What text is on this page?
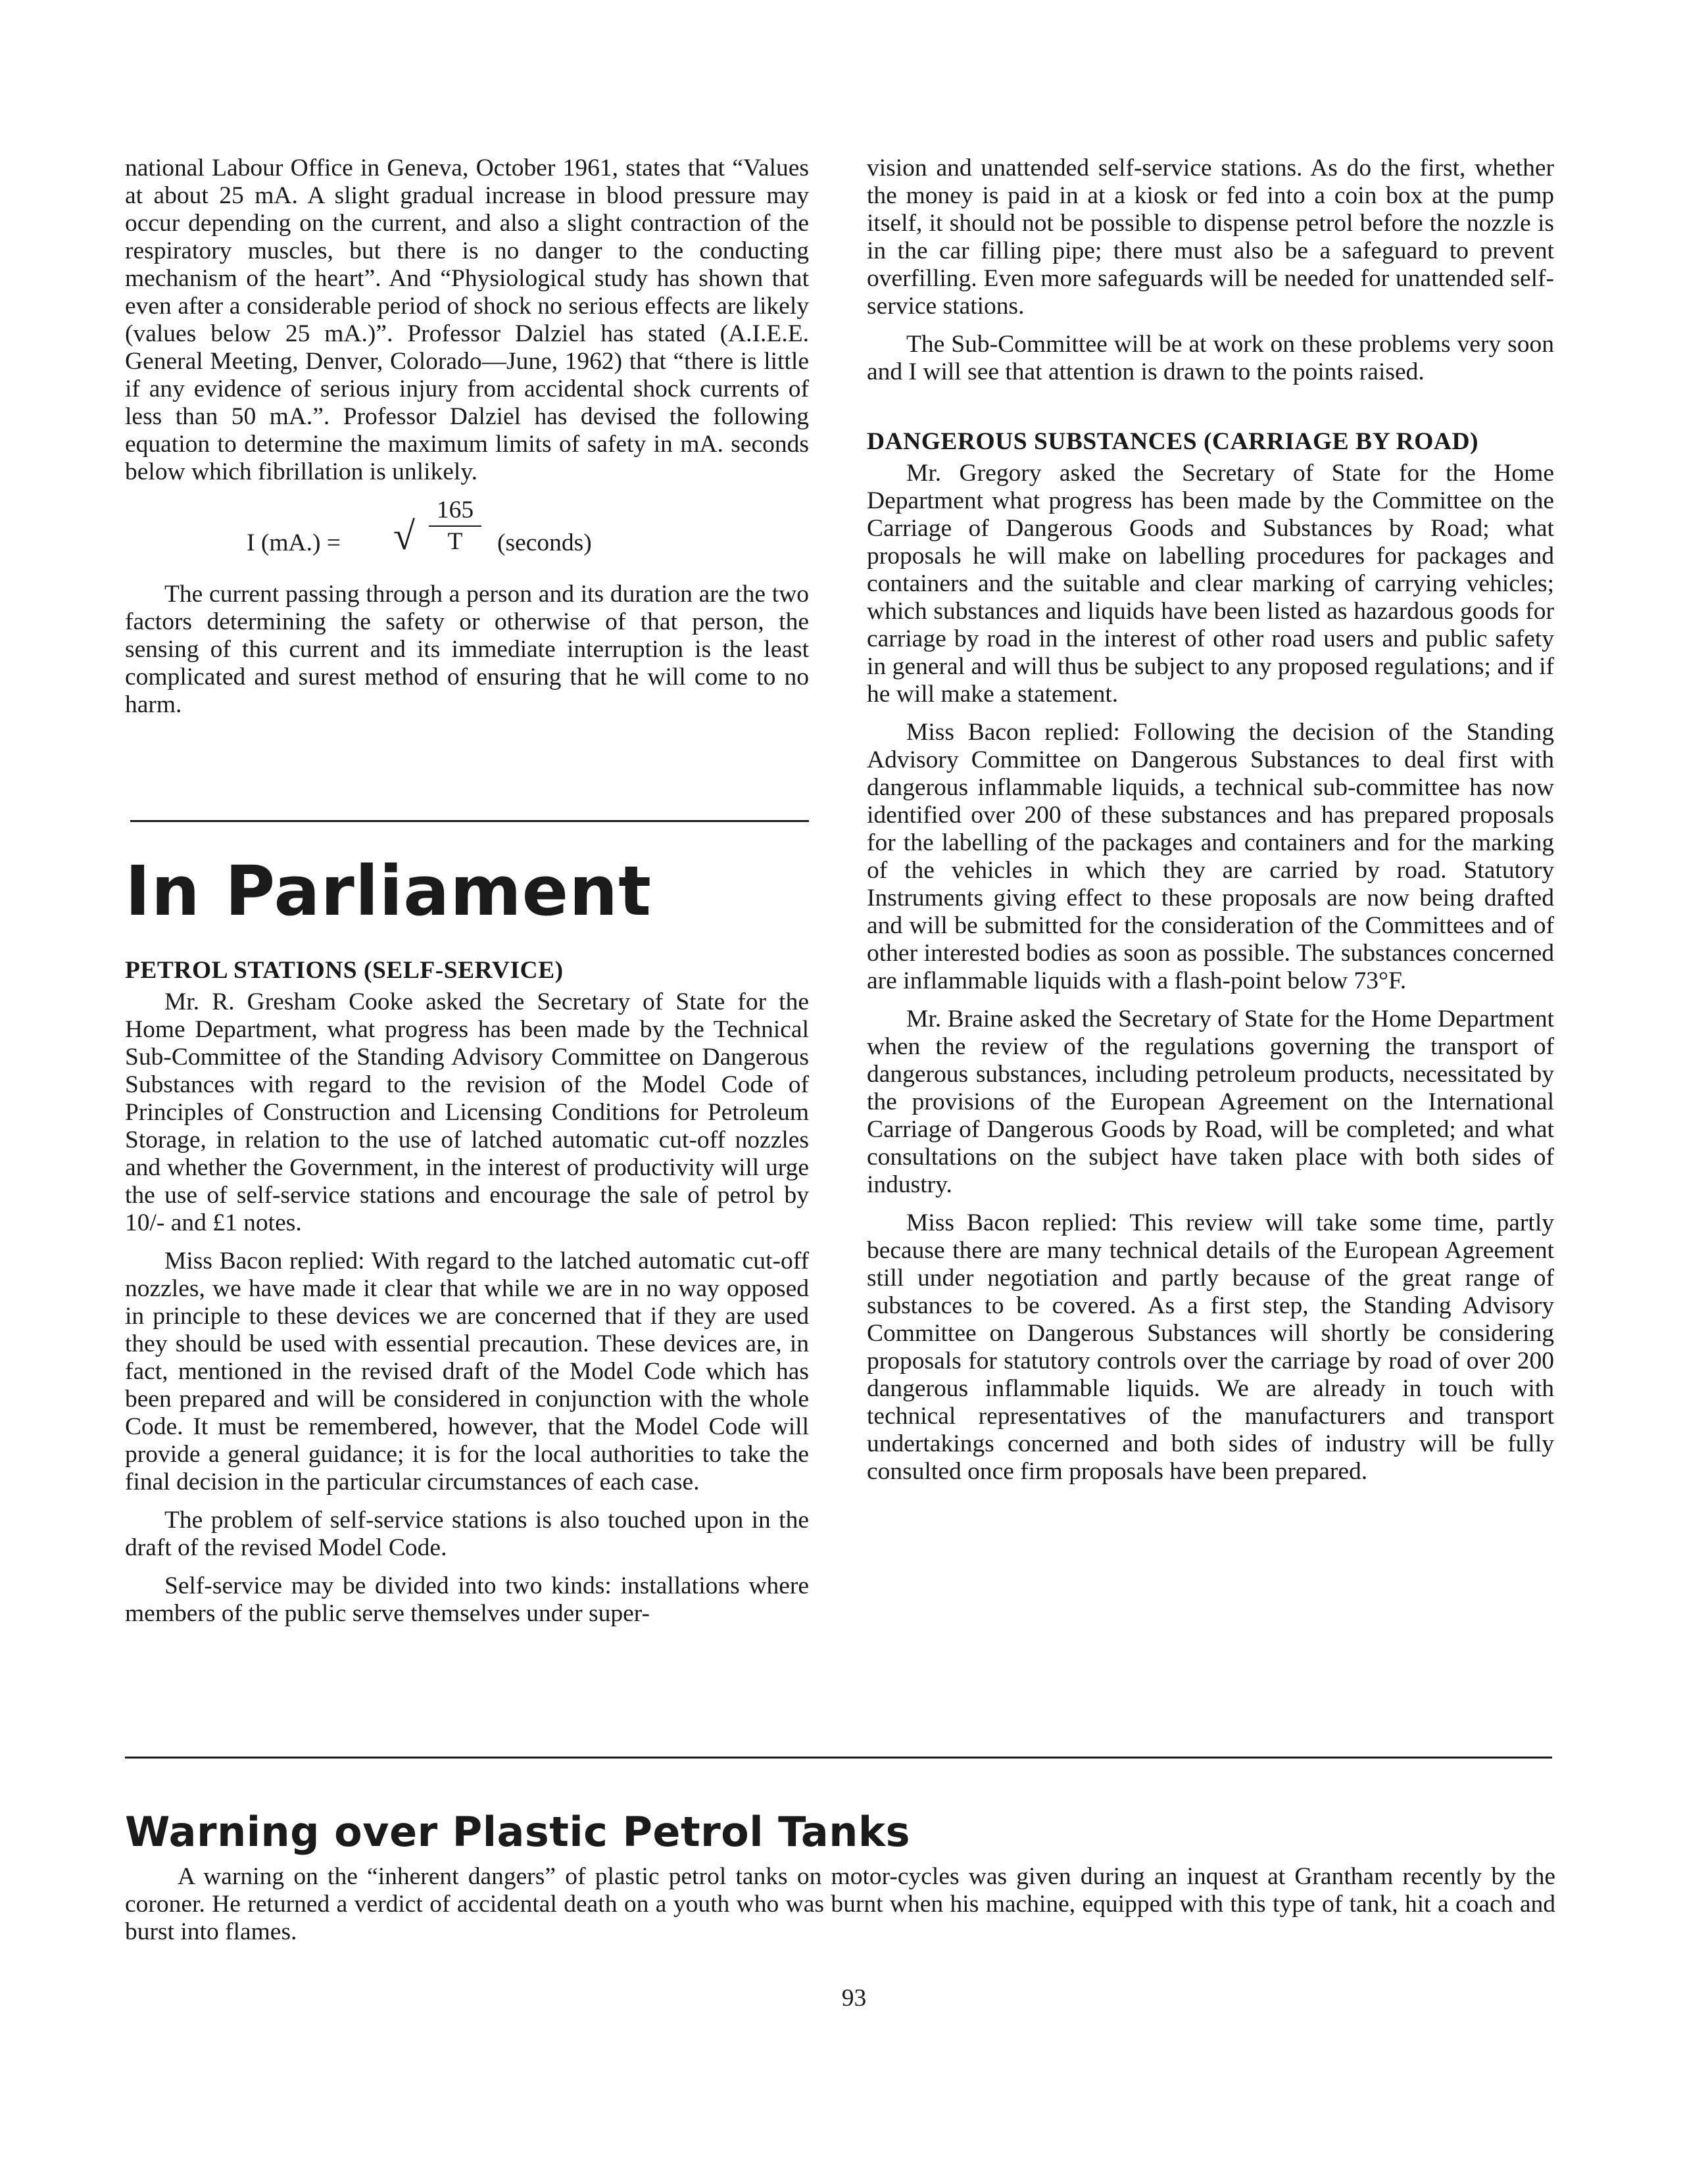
national Labour Office in Geneva, October 1961, states that “Values at about 25 mA. A slight gradual increase in blood pressure may occur depending on the current, and also a slight contraction of the respiratory muscles, but there is no danger to the conducting mechanism of the heart”. And “Physiological study has shown that even after a considerable period of shock no serious effects are likely (values below 25 mA.)”. Professor Dalziel has stated (A.I.E.E. General Meeting, Denver, Colorado—June, 1962) that “there is little if any evidence of serious injury from accidental shock currents of less than 50 mA.”. Professor Dalziel has devised the following equation to determine the maximum limits of safety in mA. seconds below which fibrillation is unlikely.

I (mA.) = √ $\frac{165}{T}$ (seconds)

The current passing through a person and its duration are the two factors determining the safety or otherwise of that person, the sensing of this current and its immediate interruption is the least complicated and surest method of ensuring that he will come to no harm.

In Parliament
PETROL STATIONS (SELF-SERVICE)

Mr. R. Gresham Cooke asked the Secretary of State for the Home Department, what progress has been made by the Technical Sub-Committee of the Standing Advisory Committee on Dangerous Substances with regard to the revision of the Model Code of Principles of Construction and Licensing Conditions for Petroleum Storage, in relation to the use of latched automatic cut-off nozzles and whether the Government, in the interest of productivity will urge the use of self-service stations and encourage the sale of petrol by 10/- and £1 notes.

Miss Bacon replied: With regard to the latched automatic cut-off nozzles, we have made it clear that while we are in no way opposed in principle to these devices we are concerned that if they are used they should be used with essential precaution. These devices are, in fact, mentioned in the revised draft of the Model Code which has been prepared and will be considered in conjunction with the whole Code. It must be remembered, however, that the Model Code will provide a general guidance; it is for the local authorities to take the final decision in the particular circumstances of each case.

The problem of self-service stations is also touched upon in the draft of the revised Model Code.

Self-service may be divided into two kinds: installations where members of the public serve themselves under super-

vision and unattended self-service stations. As do the first, whether the money is paid in at a kiosk or fed into a coin box at the pump itself, it should not be possible to dispense petrol before the nozzle is in the car filling pipe; there must also be a safeguard to prevent overfilling. Even more safeguards will be needed for unattended self-service stations.

The Sub-Committee will be at work on these problems very soon and I will see that attention is drawn to the points raised.

DANGEROUS SUBSTANCES (CARRIAGE BY ROAD)

Mr. Gregory asked the Secretary of State for the Home Department what progress has been made by the Committee on the Carriage of Dangerous Goods and Substances by Road; what proposals he will make on labelling procedures for packages and containers and the suitable and clear marking of carrying vehicles; which substances and liquids have been listed as hazardous goods for carriage by road in the interest of other road users and public safety in general and will thus be subject to any proposed regulations; and if he will make a statement.

Miss Bacon replied: Following the decision of the Standing Advisory Committee on Dangerous Substances to deal first with dangerous inflammable liquids, a technical sub-committee has now identified over 200 of these substances and has prepared proposals for the labelling of the packages and containers and for the marking of the vehicles in which they are carried by road. Statutory Instruments giving effect to these proposals are now being drafted and will be submitted for the consideration of the Committees and of other interested bodies as soon as possible. The substances concerned are inflammable liquids with a flash-point below 73°F.

Mr. Braine asked the Secretary of State for the Home Department when the review of the regulations governing the transport of dangerous substances, including petroleum products, necessitated by the provisions of the European Agreement on the International Carriage of Dangerous Goods by Road, will be completed; and what consultations on the subject have taken place with both sides of industry.

Miss Bacon replied: This review will take some time, partly because there are many technical details of the European Agreement still under negotiation and partly because of the great range of substances to be covered. As a first step, the Standing Advisory Committee on Dangerous Substances will shortly be considering proposals for statutory controls over the carriage by road of over 200 dangerous inflammable liquids. We are already in touch with technical representatives of the manufacturers and transport undertakings concerned and both sides of industry will be fully consulted once firm proposals have been prepared.

Warning over Plastic Petrol Tanks

A warning on the “inherent dangers” of plastic petrol tanks on motor-cycles was given during an inquest at Grantham recently by the coroner. He returned a verdict of accidental death on a youth who was burnt when his machine, equipped with this type of tank, hit a coach and burst into flames.

93
